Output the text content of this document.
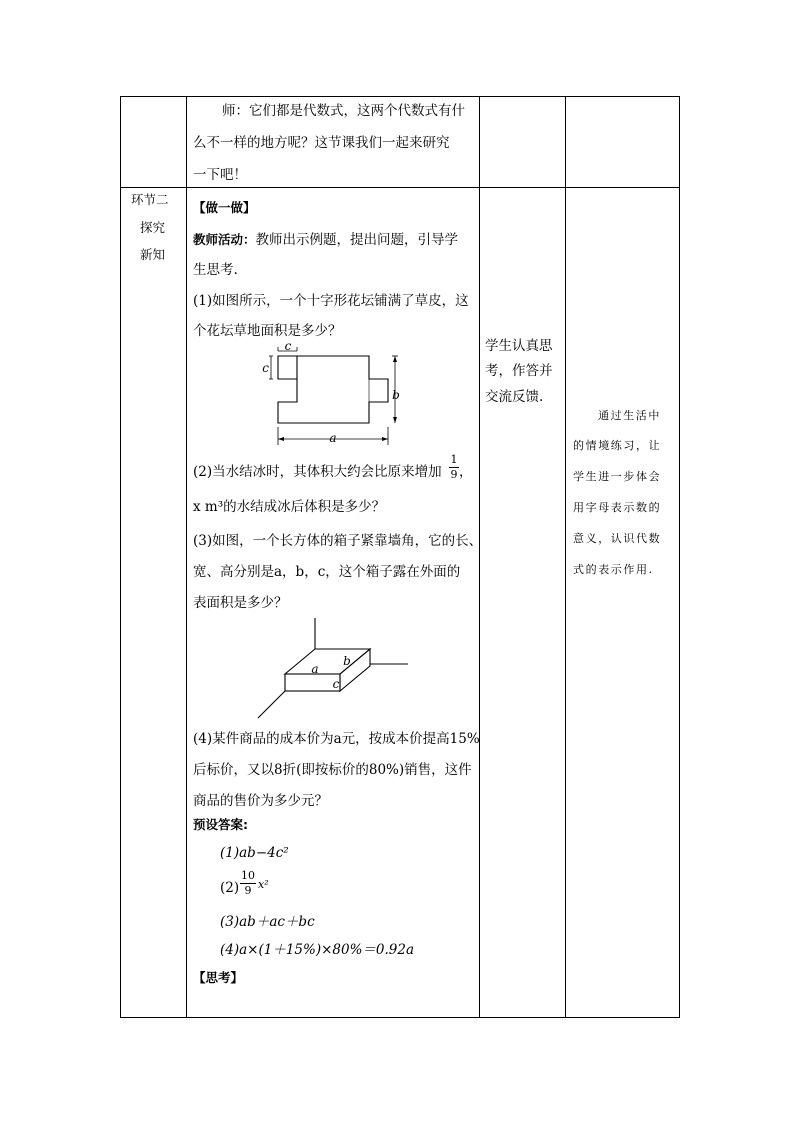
师：它们都是代数式，这两个代数式有什
么不一样的地方呢？这节课我们一起来研究
一下吧！
环节二
探究
新知
【做一做】
教师活动：教师出示例题，提出问题，引导学
生思考.
(1)如图所示，一个十字形花坛铺满了草皮，这
个花坛草地面积是多少？
c
c
b
a
(2)当水结冰时，其体积大约会比原来增加
1
9 ，
x m³的水结成冰后体积是多少？
(3)如图，一个长方体的箱子紧靠墙角，它的长、
宽、高分别是a，b，c，这个箱子露在外面的
表面积是多少？
a
b
c
(4)某件商品的成本价为a元，按成本价提高15%
后标价，又以8折(即按标价的80%)销售，这件
商品的售价为多少元？
预设答案:
(1)ab−4c²
(2)
10
9 x²
(3)ab＋ac＋bc
(4)a×(1＋15%)×80%＝0.92a
【思考】
学生认真思
考，作答并
交流反馈.
通过生活中
的情境练习，让
学生进一步体会
用字母表示数的
意义，认识代数
式的表示作用.
